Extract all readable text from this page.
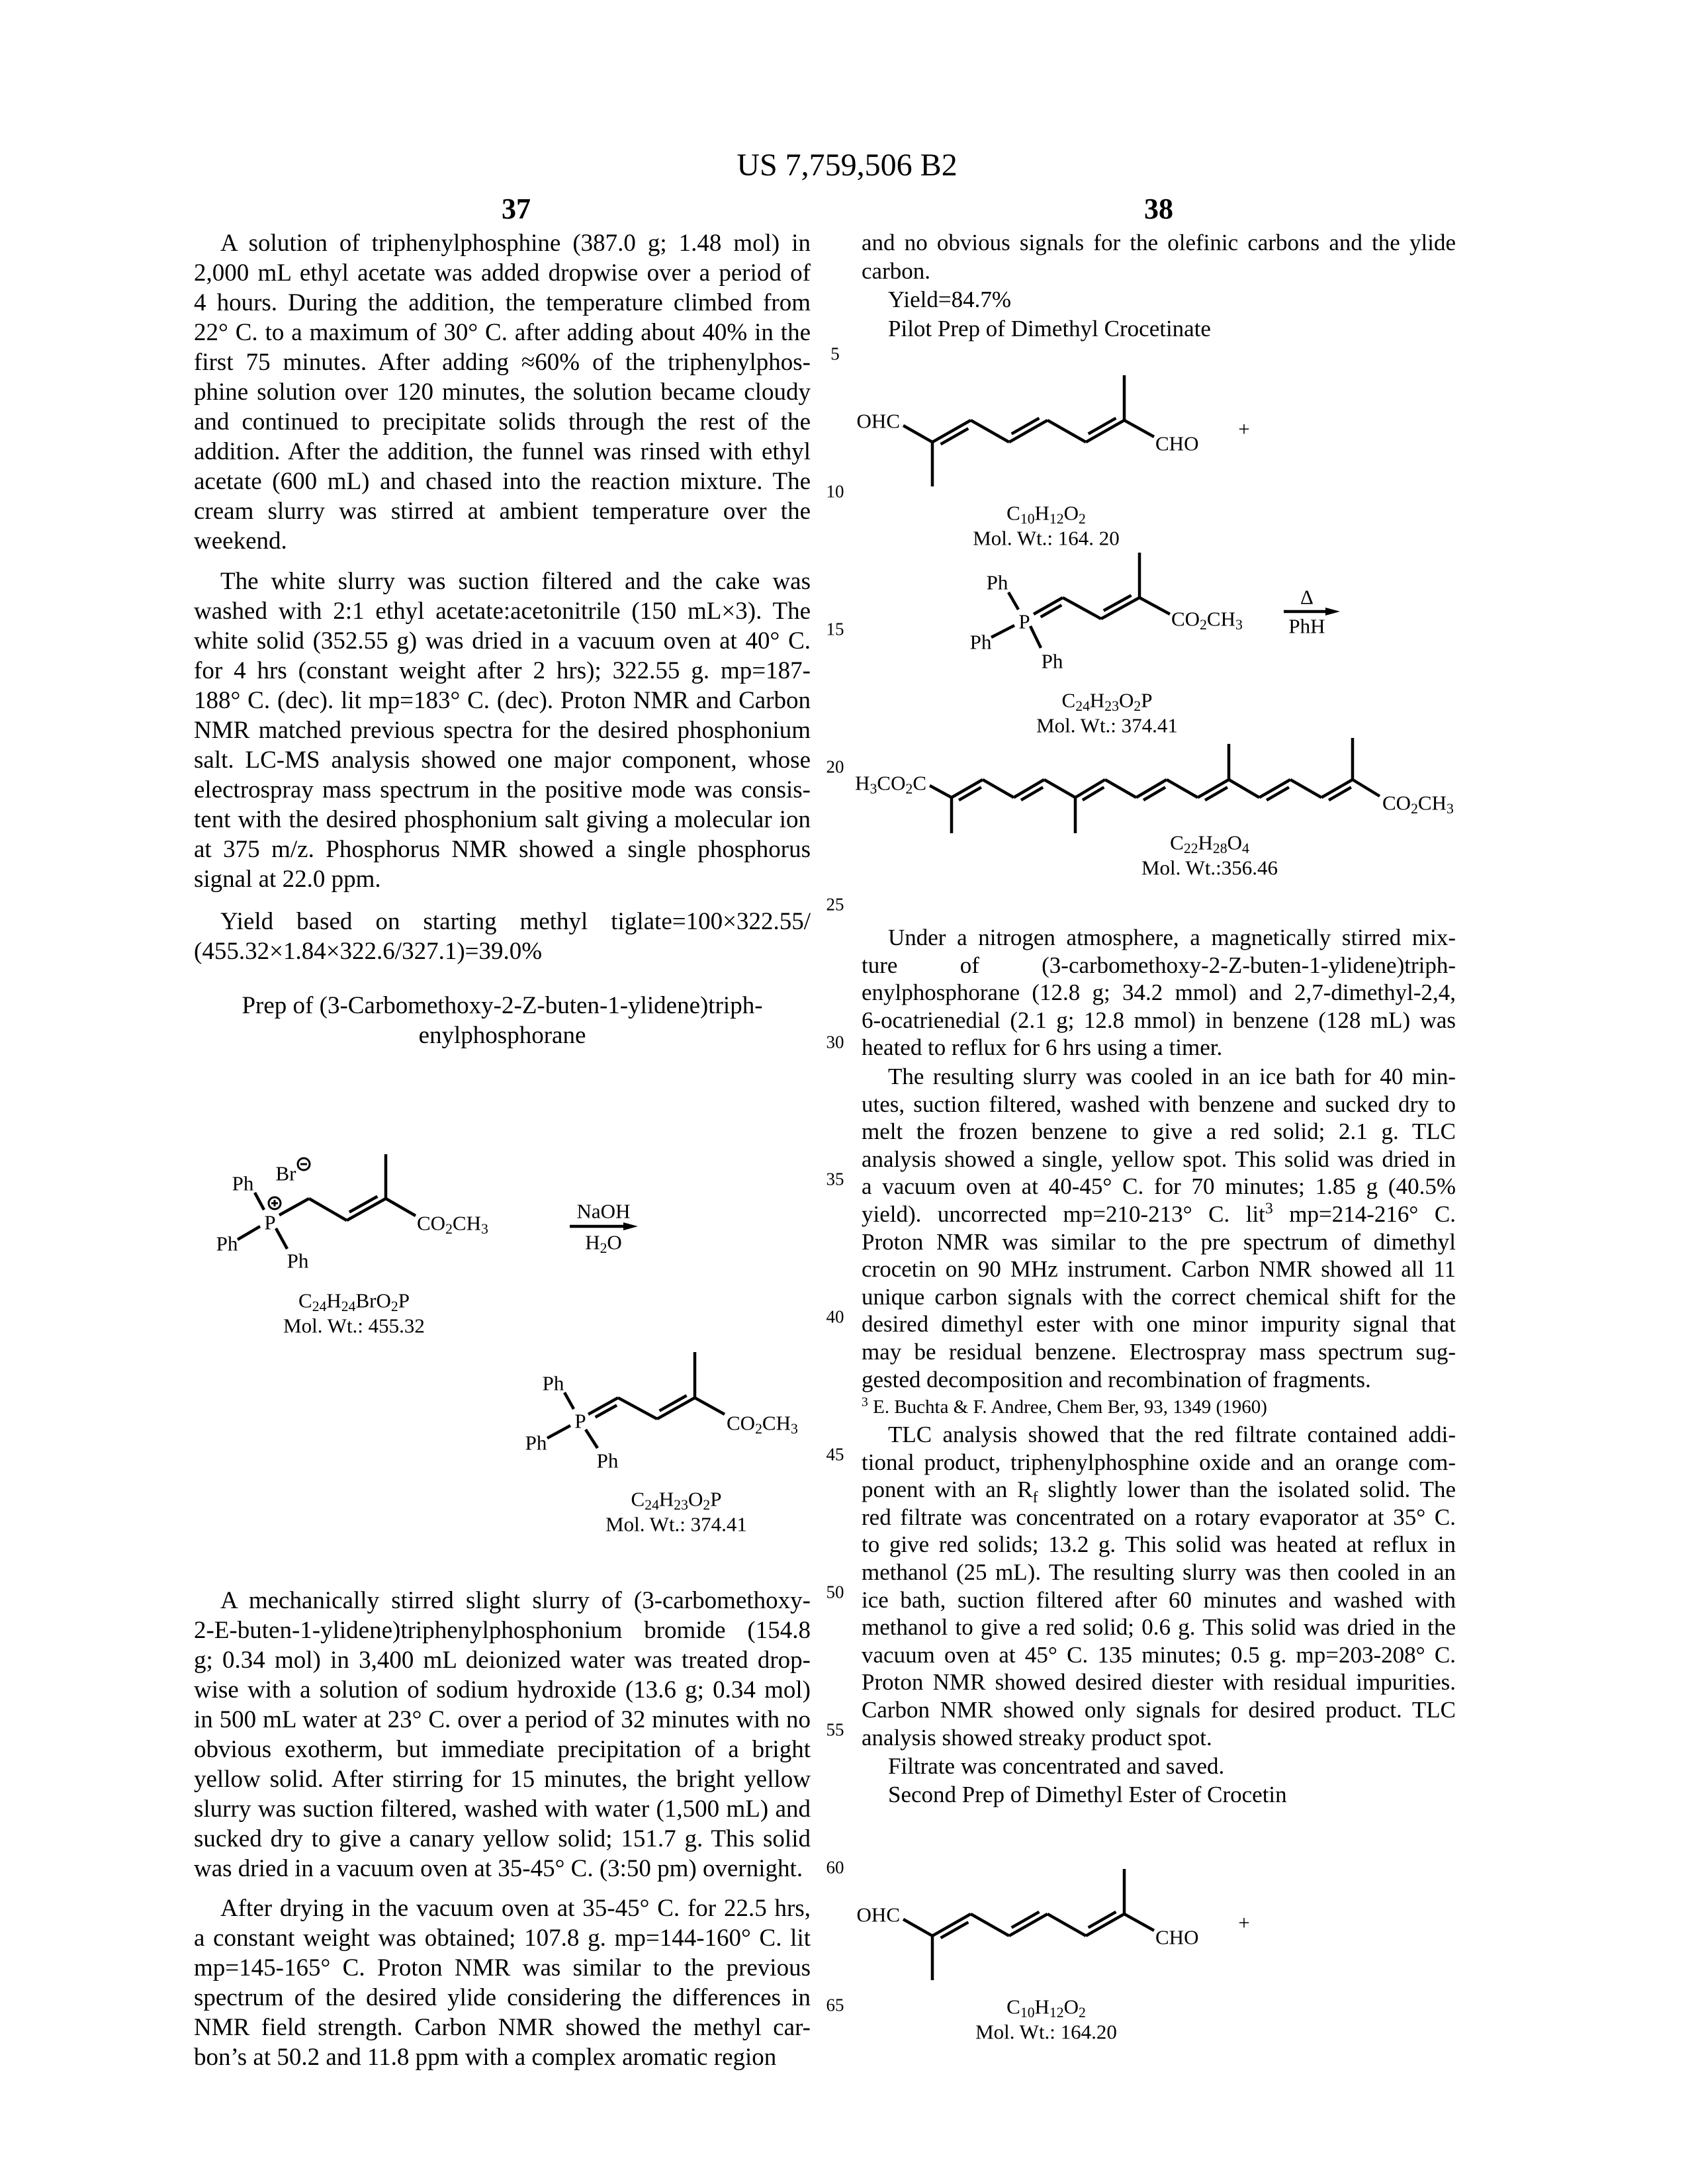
US 7,759,506 B2
37	38
A solution of triphenylphosphine (387.0 g; 1.48 mol) in
2,000 mL ethyl acetate was added dropwise over a period of
4 hours. During the addition, the temperature climbed from
22° C. to a maximum of 30° C. after adding about 40% in the
first 75 minutes. After adding ≈60% of the triphenylphos-
phine solution over 120 minutes, the solution became cloudy
and continued to precipitate solids through the rest of the
addition. After the addition, the funnel was rinsed with ethyl
acetate (600 mL) and chased into the reaction mixture. The
cream slurry was stirred at ambient temperature over the
weekend.
The white slurry was suction filtered and the cake was
washed with 2:1 ethyl acetate:acetonitrile (150 mL×3). The
white solid (352.55 g) was dried in a vacuum oven at 40° C.
for 4 hrs (constant weight after 2 hrs); 322.55 g. mp=187-
188° C. (dec). lit mp=183° C. (dec). Proton NMR and Carbon
NMR matched previous spectra for the desired phosphonium
salt. LC-MS analysis showed one major component, whose
electrospray mass spectrum in the positive mode was consis-
tent with the desired phosphonium salt giving a molecular ion
at 375 m/z. Phosphorus NMR showed a single phosphorus
signal at 22.0 ppm.
Yield based on starting methyl tiglate=100×322.55/
(455.32×1.84×322.6/327.1)=39.0%
Prep of (3-Carbomethoxy-2-Z-buten-1-ylidene)triph-
enylphosphorane
A mechanically stirred slight slurry of (3-carbomethoxy-
2-E-buten-1-ylidene)triphenylphosphonium bromide (154.8
g; 0.34 mol) in 3,400 mL deionized water was treated drop-
wise with a solution of sodium hydroxide (13.6 g; 0.34 mol)
in 500 mL water at 23° C. over a period of 32 minutes with no
obvious exotherm, but immediate precipitation of a bright
yellow solid. After stirring for 15 minutes, the bright yellow
slurry was suction filtered, washed with water (1,500 mL) and
sucked dry to give a canary yellow solid; 151.7 g. This solid
was dried in a vacuum oven at 35-45° C. (3:50 pm) overnight.
After drying in the vacuum oven at 35-45° C. for 22.5 hrs,
a constant weight was obtained; 107.8 g. mp=144-160° C. lit
mp=145-165° C. Proton NMR was similar to the previous
spectrum of the desired ylide considering the differences in
NMR field strength. Carbon NMR showed the methyl car-
bon’s at 50.2 and 11.8 ppm with a complex aromatic region
and no obvious signals for the olefinic carbons and the ylide
carbon.
Yield=84.7%
Pilot Prep of Dimethyl Crocetinate
Under a nitrogen atmosphere, a magnetically stirred mix-
ture of (3-carbomethoxy-2-Z-buten-1-ylidene)triph-
enylphosphorane (12.8 g; 34.2 mmol) and 2,7-dimethyl-2,4,
6-ocatrienedial (2.1 g; 12.8 mmol) in benzene (128 mL) was
heated to reflux for 6 hrs using a timer.
The resulting slurry was cooled in an ice bath for 40 min-
utes, suction filtered, washed with benzene and sucked dry to
melt the frozen benzene to give a red solid; 2.1 g. TLC
analysis showed a single, yellow spot. This solid was dried in
a vacuum oven at 40-45° C. for 70 minutes; 1.85 g (40.5%
yield). uncorrected mp=210-213° C. lit3 mp=214-216° C.
Proton NMR was similar to the pre spectrum of dimethyl
crocetin on 90 MHz instrument. Carbon NMR showed all 11
unique carbon signals with the correct chemical shift for the
desired dimethyl ester with one minor impurity signal that
may be residual benzene. Electrospray mass spectrum sug-
gested decomposition and recombination of fragments.
3 E. Buchta & F. Andree, Chem Ber, 93, 1349 (1960)
TLC analysis showed that the red filtrate contained addi-
tional product, triphenylphosphine oxide and an orange com-
ponent with an Rf slightly lower than the isolated solid. The
red filtrate was concentrated on a rotary evaporator at 35° C.
to give red solids; 13.2 g. This solid was heated at reflux in
methanol (25 mL). The resulting slurry was then cooled in an
ice bath, suction filtered after 60 minutes and washed with
methanol to give a red solid; 0.6 g. This solid was dried in the
vacuum oven at 45° C. 135 minutes; 0.5 g. mp=203-208° C.
Proton NMR showed desired diester with residual impurities.
Carbon NMR showed only signals for desired product. TLC
analysis showed streaky product spot.
Filtrate was concentrated and saved.
Second Prep of Dimethyl Ester of Crocetin
5
10
15
20
25
30
35
40
45
50
55
60
65
Br
Ph
P
Ph
Ph
CO2CH3
C24H24BrO2P
Mol. Wt.: 455.32
NaOH
H2O
Ph
P
Ph
Ph
CO2CH3
C24H23O2P
Mol. Wt.: 374.41
OHC
CHO
+
C10H12O2
Mol. Wt.: 164. 20
Ph
P
Ph
Ph
CO2CH3
C24H23O2P
Mol. Wt.: 374.41
Δ
PhH
H3CO2C
CO2CH3
C22H28O4
Mol. Wt.:356.46
OHC
CHO
+
C10H12O2
Mol. Wt.: 164.20
